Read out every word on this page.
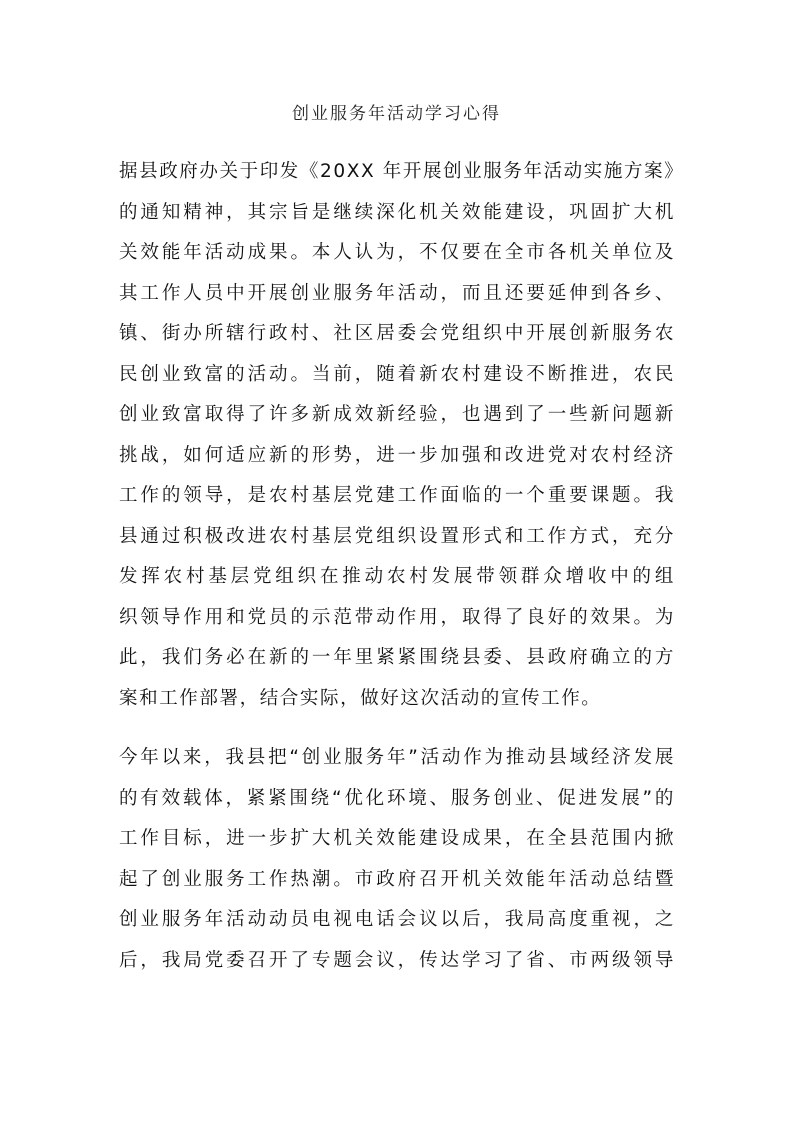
创业服务年活动学习心得
据县政府办关于印发《20XX 年开展创业服务年活动实施方案》
的通知精神，其宗旨是继续深化机关效能建设，巩固扩大机
关效能年活动成果。本人认为，不仅要在全市各机关单位及
其工作人员中开展创业服务年活动，而且还要延伸到各乡、
镇、街办所辖行政村、社区居委会党组织中开展创新服务农
民创业致富的活动。当前，随着新农村建设不断推进，农民
创业致富取得了许多新成效新经验，也遇到了一些新问题新
挑战，如何适应新的形势，进一步加强和改进党对农村经济
工作的领导，是农村基层党建工作面临的一个重要课题。我
县通过积极改进农村基层党组织设置形式和工作方式，充分
发挥农村基层党组织在推动农村发展带领群众增收中的组
织领导作用和党员的示范带动作用，取得了良好的效果。为
此，我们务必在新的一年里紧紧围绕县委、县政府确立的方
案和工作部署，结合实际，做好这次活动的宣传工作。
今年以来，我县把“创业服务年”活动作为推动县域经济发展
的有效载体，紧紧围绕“优化环境、服务创业、促进发展”的
工作目标，进一步扩大机关效能建设成果，在全县范围内掀
起了创业服务工作热潮。市政府召开机关效能年活动总结暨
创业服务年活动动员电视电话会议以后，我局高度重视，之
后，我局党委召开了专题会议，传达学习了省、市两级领导
